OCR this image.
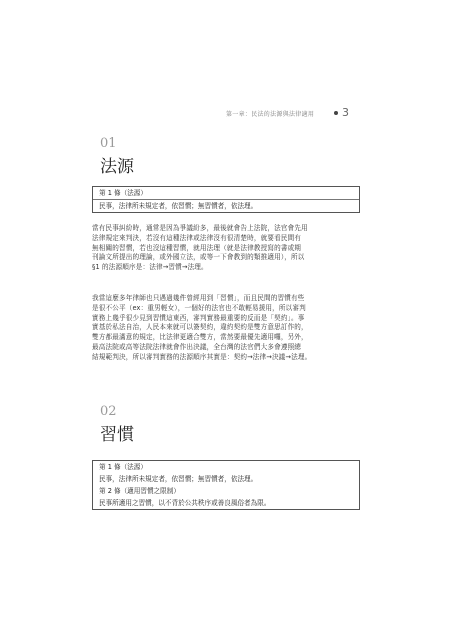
第一章：民法的法源與法律適用	3
01
法源
第 1 條（法源）
民事，法律所未規定者，依習慣；無習慣者，依法理。
當有民事糾紛時，通常是因為爭議紛多，最後就會告上法院，法官會先用
法律規定來判決，若沒有這種法律或法律沒有很清楚時，就要看民間有
無相關的習慣，若也沒這種習慣，就用法理（就是法律教授寫的書或期
刊論文所提出的理論，或外國立法，或等一下會教到的類推適用），所以
§1 的法源順序是：法律→習慣→法理。
我當這麼多年律師也只遇過幾件曾經用到「習慣」，而且民間的習慣有些
是很不公平（ex：重男輕女），一個好的法官也不敢輕易援用，所以審判
實務上幾乎很少見到習慣這東西，審判實務最重要的反而是「契約」。事
實基於私法自治，人民本來就可以簽契約，違約契約是雙方意思訂作的，
雙方都最滿意的規定，比法律更適合雙方，當然要最優先適用囉，另外，
最高法院或高等法院法律就會作出決議，全台灣的法官們大多會遵照總
結規範判決，所以審判實務的法源順序其實是：契約→法律→決議→法理。
02
習慣
第 1 條（法源）
民事，法律所未規定者，依習慣；無習慣者，依法理。
第 2 條（適用習慣之限制）
民事所適用之習慣，以不背於公共秩序或善良風俗者為限。
